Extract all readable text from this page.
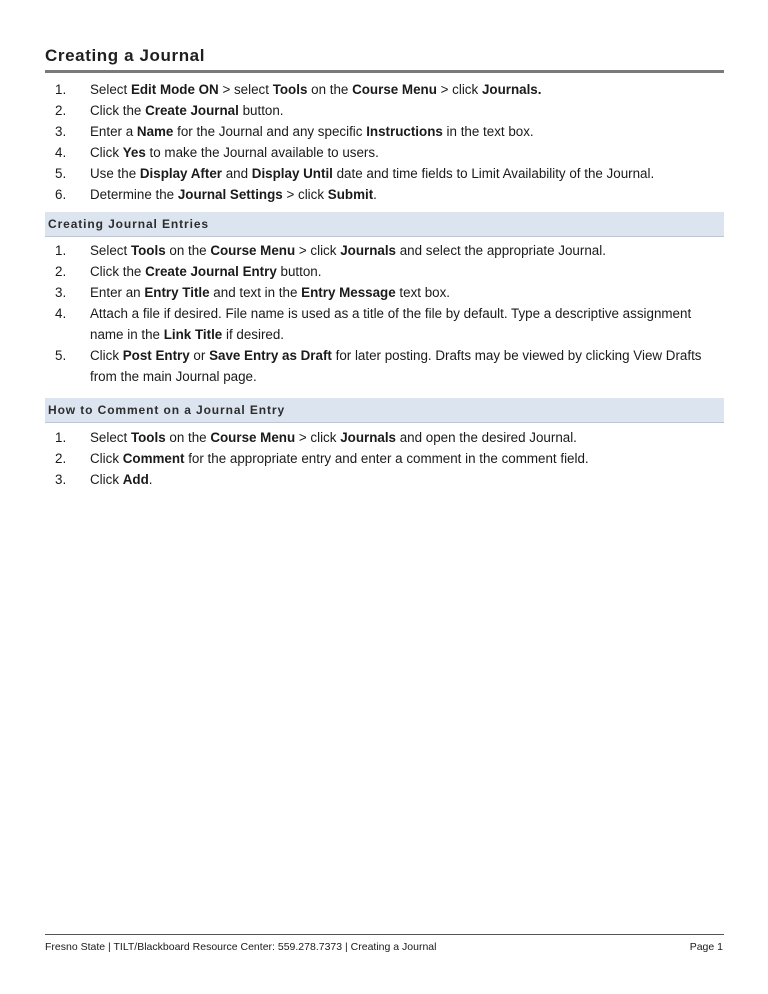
Creating a Journal
1. Select Edit Mode ON > select Tools on the Course Menu > click Journals.
2. Click the Create Journal button.
3. Enter a Name for the Journal and any specific Instructions in the text box.
4. Click Yes to make the Journal available to users.
5. Use the Display After and Display Until date and time fields to Limit Availability of the Journal.
6. Determine the Journal Settings > click Submit.
Creating Journal Entries
1. Select Tools on the Course Menu > click Journals and select the appropriate Journal.
2. Click the Create Journal Entry button.
3. Enter an Entry Title and text in the Entry Message text box.
4. Attach a file if desired. File name is used as a title of the file by default. Type a descriptive assignment name in the Link Title if desired.
5. Click Post Entry or Save Entry as Draft for later posting. Drafts may be viewed by clicking View Drafts from the main Journal page.
How to Comment on a Journal Entry
1. Select Tools on the Course Menu > click Journals and open the desired Journal.
2. Click Comment for the appropriate entry and enter a comment in the comment field.
3. Click Add.
Fresno State | TILT/Blackboard Resource Center: 559.278.7373 | Creating a Journal	Page 1
